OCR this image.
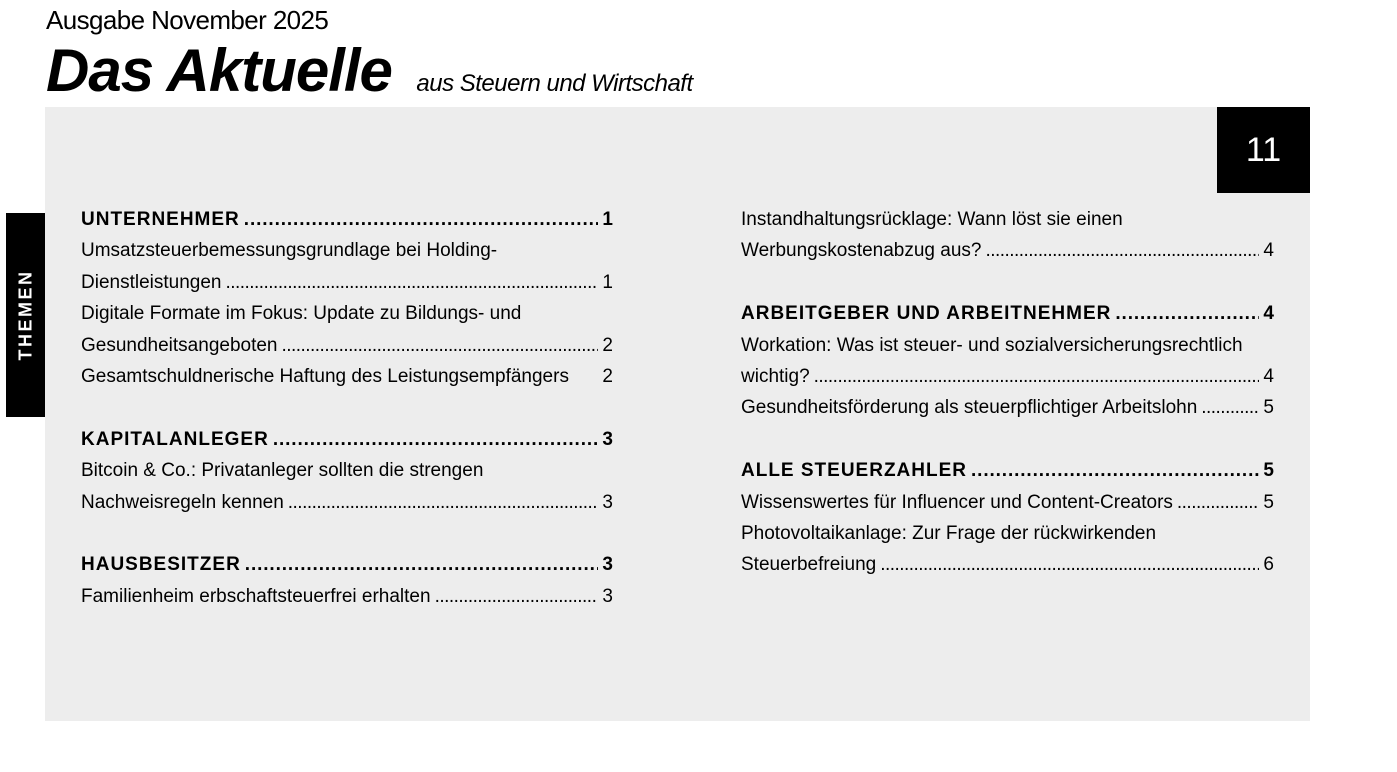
Ausgabe November 2025
Das Aktuelle aus Steuern und Wirtschaft
11
THEMEN
UNTERNEHMER . . .	1
Umsatzsteuerbemessungsgrundlage bei Holding-
Dienstleistungen . . .	1
Digitale Formate im Fokus: Update zu Bildungs- und
Gesundheitsangeboten . . .	2
Gesamtschuldnerische Haftung des Leistungsempfängers 2
KAPITALANLEGER . . .	3
Bitcoin & Co.: Privatanleger sollten die strengen
Nachweisregeln kennen . . .	3
HAUSBESITZER . . .	3
Familienheim erbschaftsteuerfrei erhalten . . .	3
Instandhaltungsrücklage: Wann löst sie einen
Werbungskostenabzug aus? . . .	4
ARBEITGEBER UND ARBEITNEHMER . . .	4
Workation: Was ist steuer- und sozialversicherungsrechtlich
wichtig? . . .	4
Gesundheitsförderung als steuerpflichtiger Arbeitslohn . . .	5
ALLE STEUERZAHLER . . .	5
Wissenswertes für Influencer und Content-Creators . . .	5
Photovoltaikanlage: Zur Frage der rückwirkenden
Steuerbefreiung . . .	6
